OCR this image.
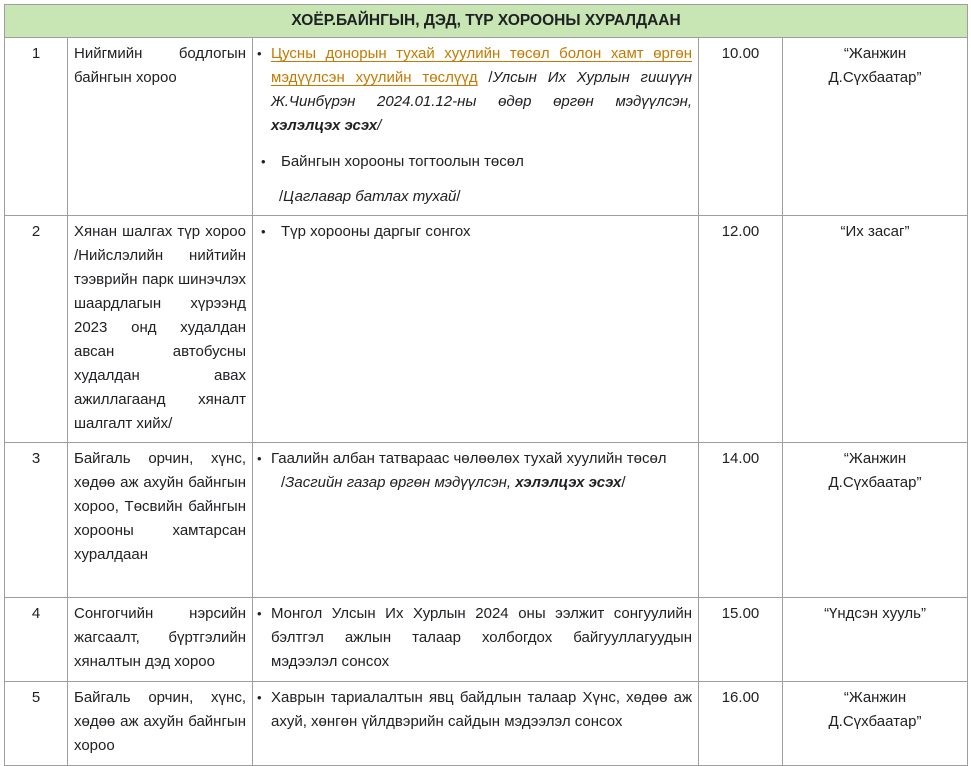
ХОЁР.БАЙНГЫН, ДЭД, ТҮР ХОРООНЫ ХУРАЛДААН				
1	Нийгмийн бодлогын байнгын хороо	• Цусны донорын тухай хуулийн төсөл болон хамт өргөн мэдүүлсэн хуулийн төслүүд /Улсын Их Хурлын гишүүн Ж.Чинбүрэн 2024.01.12-ны өдөр өргөн мэдүүлсэн, хэлэлцэх эсэх/
• Байнгын хорооны тогтоолын төсөл
/Цаглавар батлах тухай/	10.00	“Жанжин Д.Сүхбаатар”
2	Хянан шалгах түр хороо /Нийслэлийн нийтийн тээврийн парк шинэчлэх шаардлагын хүрээнд 2023 онд худалдан авсан автобусны худалдан авах ажиллагаанд хяналт шалгалт хийх/	• Түр хорооны даргыг сонгох	12.00	“Их засаг”
3	Байгаль орчин, хүнс, хөдөө аж ахуйн байнгын хороо, Төсвийн байнгын хорооны хамтарсан хуралдаан	• Гаалийн албан татвараас чөлөөлөх тухай хуулийн төсөл
/Засгийн газар өргөн мэдүүлсэн, хэлэлцэх эсэх/	14.00	“Жанжин Д.Сүхбаатар”
4	Сонгогчийн нэрсийн жагсаалт, бүртгэлийн хяналтын дэд хороо	• Монгол Улсын Их Хурлын 2024 оны ээлжит сонгуулийн бэлтгэл ажлын талаар холбогдох байгууллагуудын мэдээлэл сонсох	15.00	“Үндсэн хууль”
5	Байгаль орчин, хүнс, хөдөө аж ахуйн байнгын хороо	• Хаврын тариалалтын явц байдлын талаар Хүнс, хөдөө аж ахуй, хөнгөн үйлдвэрийн сайдын мэдээлэл сонсох	16.00	“Жанжин Д.Сүхбаатар”
